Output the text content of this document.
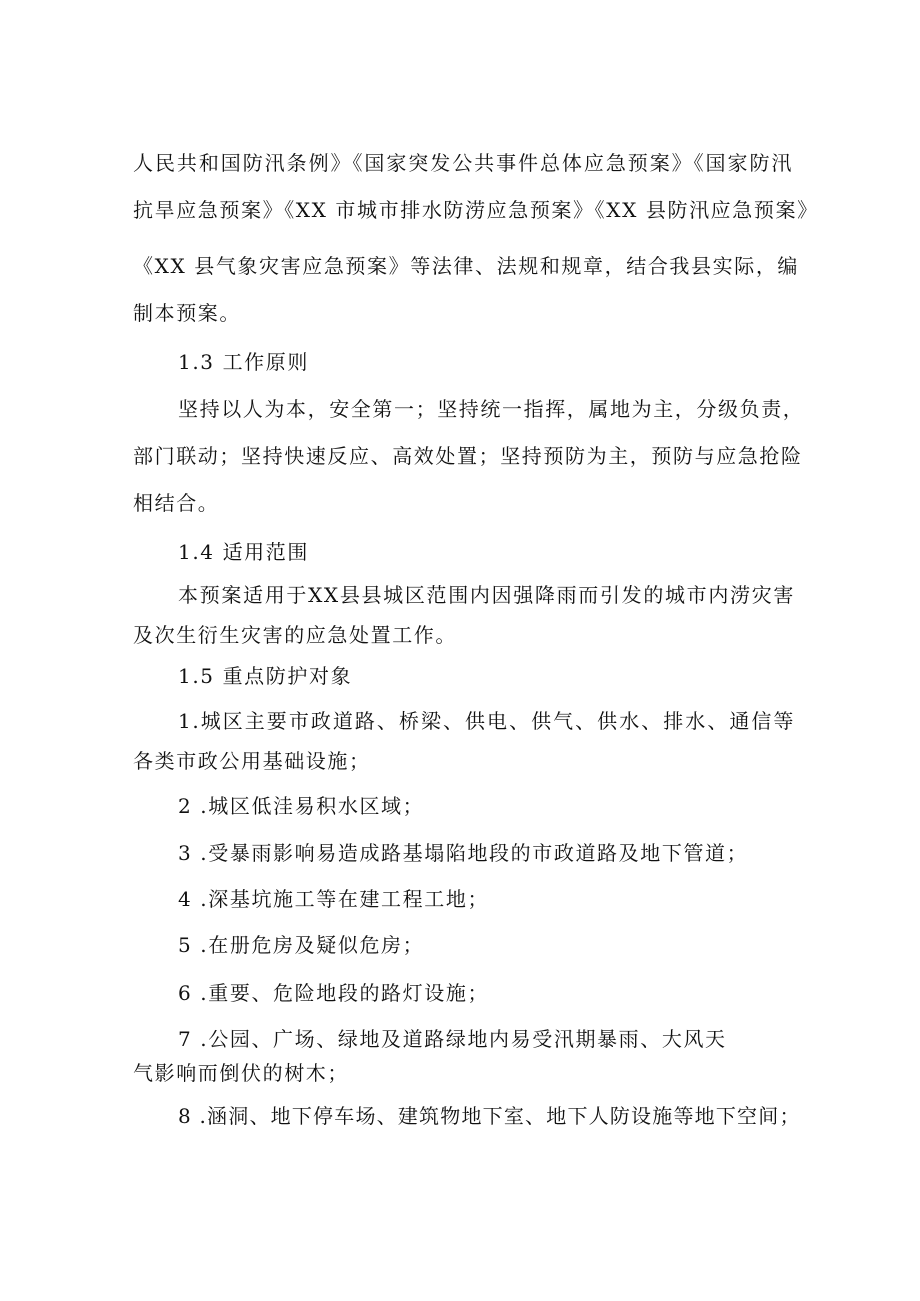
人民共和国防汛条例》《国家突发公共事件总体应急预案》《国家防汛
抗旱应急预案》《XX 市城市排水防涝应急预案》《XX 县防汛应急预案》
《XX 县气象灾害应急预案》等法律、法规和规章，结合我县实际，编
制本预案。
1.3 工作原则
坚持以人为本，安全第一；坚持统一指挥，属地为主，分级负责，
部门联动；坚持快速反应、高效处置；坚持预防为主，预防与应急抢险
相结合。
1.4 适用范围
本预案适用于XX县县城区范围内因强降雨而引发的城市内涝灾害
及次生衍生灾害的应急处置工作。
1.5 重点防护对象
1.城区主要市政道路、桥梁、供电、供气、供水、排水、通信等
各类市政公用基础设施；
2 .城区低洼易积水区域；
3 .受暴雨影响易造成路基塌陷地段的市政道路及地下管道；
4 .深基坑施工等在建工程工地；
5 .在册危房及疑似危房；
6 .重要、危险地段的路灯设施；
7 .公园、广场、绿地及道路绿地内易受汛期暴雨、大风天
气影响而倒伏的树木；
8 .涵洞、地下停车场、建筑物地下室、地下人防设施等地下空间；
